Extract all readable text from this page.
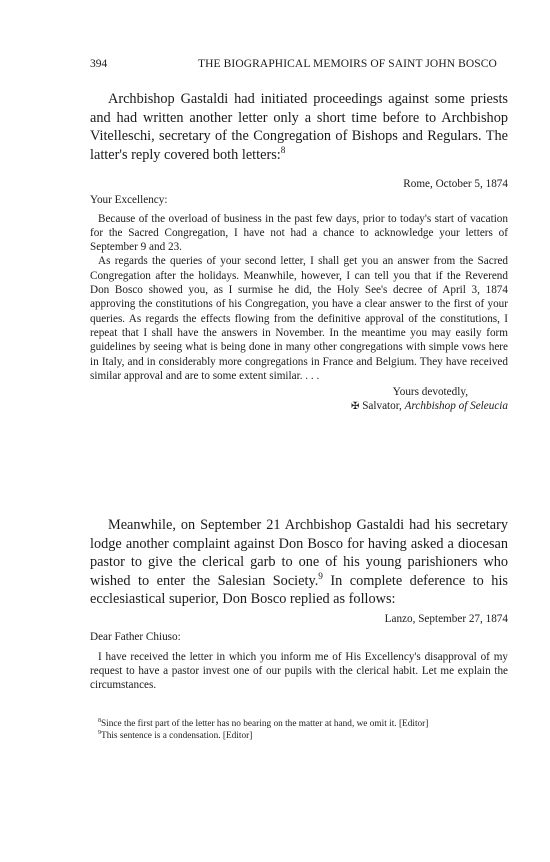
394	THE BIOGRAPHICAL MEMOIRS OF SAINT JOHN BOSCO

Archbishop Gastaldi had initiated proceedings against some priests and had written another letter only a short time before to Archbishop Vitelleschi, secretary of the Congregation of Bishops and Regulars. The latter's reply covered both letters:$^8$

Rome, October 5, 1874

Your Excellency:

Because of the overload of business in the past few days, prior to today's start of vacation for the Sacred Congregation, I have not had a chance to acknowledge your letters of September 9 and 23.

As regards the queries of your second letter, I shall get you an answer from the Sacred Congregation after the holidays. Meanwhile, however, I can tell you that if the Reverend Don Bosco showed you, as I surmise he did, the Holy See's decree of April 3, 1874 approving the constitutions of his Congregation, you have a clear answer to the first of your queries. As regards the effects flowing from the definitive approval of the constitutions, I repeat that I shall have the answers in November. In the meantime you may easily form guidelines by seeing what is being done in many other congregations with simple vows here in Italy, and in considerably more congregations in France and Belgium. They have received similar approval and are to some extent similar. . . .

Yours devotedly,

✠ Salvator, Archbishop of Seleucia

Meanwhile, on September 21 Archbishop Gastaldi had his secretary lodge another complaint against Don Bosco for having asked a diocesan pastor to give the clerical garb to one of his young parishioners who wished to enter the Salesian Society.$^9$ In complete deference to his ecclesiastical superior, Don Bosco replied as follows:

Lanzo, September 27, 1874

Dear Father Chiuso:

I have received the letter in which you inform me of His Excellency's disapproval of my request to have a pastor invest one of our pupils with the clerical habit. Let me explain the circumstances.

$^8$Since the first part of the letter has no bearing on the matter at hand, we omit it. [Editor]

$^9$This sentence is a condensation. [Editor]
